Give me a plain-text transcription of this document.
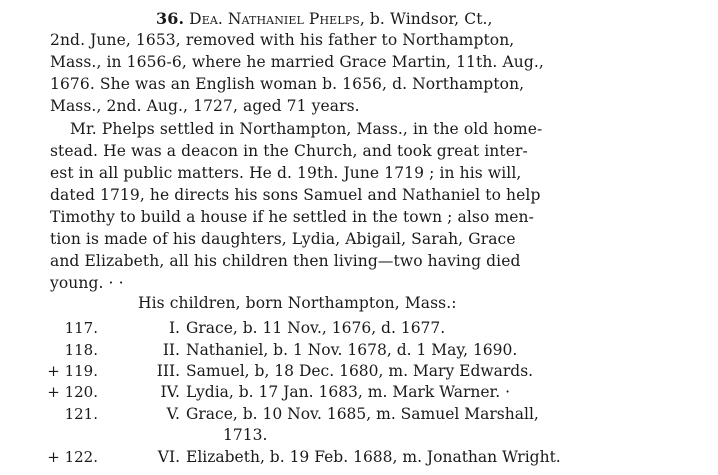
36. Dea. Nathaniel Phelps, b. Windsor, Ct.,
2nd. June, 1653, removed with his father to Northampton,
Mass., in 1656-6, where he married Grace Martin, 11th. Aug.,
1676. She was an English woman b. 1656, d. Northampton,
Mass., 2nd. Aug., 1727, aged 71 years.
Mr. Phelps settled in Northampton, Mass., in the old home-
stead. He was a deacon in the Church, and took great inter-
est in all public matters. He d. 19th. June 1719 ; in his will,
dated 1719, he directs his sons Samuel and Nathaniel to help
Timothy to build a house if he settled in the town ; also men-
tion is made of his daughters, Lydia, Abigail, Sarah, Grace
and Elizabeth, all his children then living—two having died
young. · ·
His children, born Northampton, Mass.:
117.	I. Grace, b. 11 Nov., 1676, d. 1677.
118.	II. Nathaniel, b. 1 Nov. 1678, d. 1 May, 1690.
+ 119.	III. Samuel, b, 18 Dec. 1680, m. Mary Edwards.
+ 120.	IV. Lydia, b. 17 Jan. 1683, m. Mark Warner. ·
121.	V. Grace, b. 10 Nov. 1685, m. Samuel Marshall,
1713.
+ 122.	VI. Elizabeth, b. 19 Feb. 1688, m. Jonathan Wright.
